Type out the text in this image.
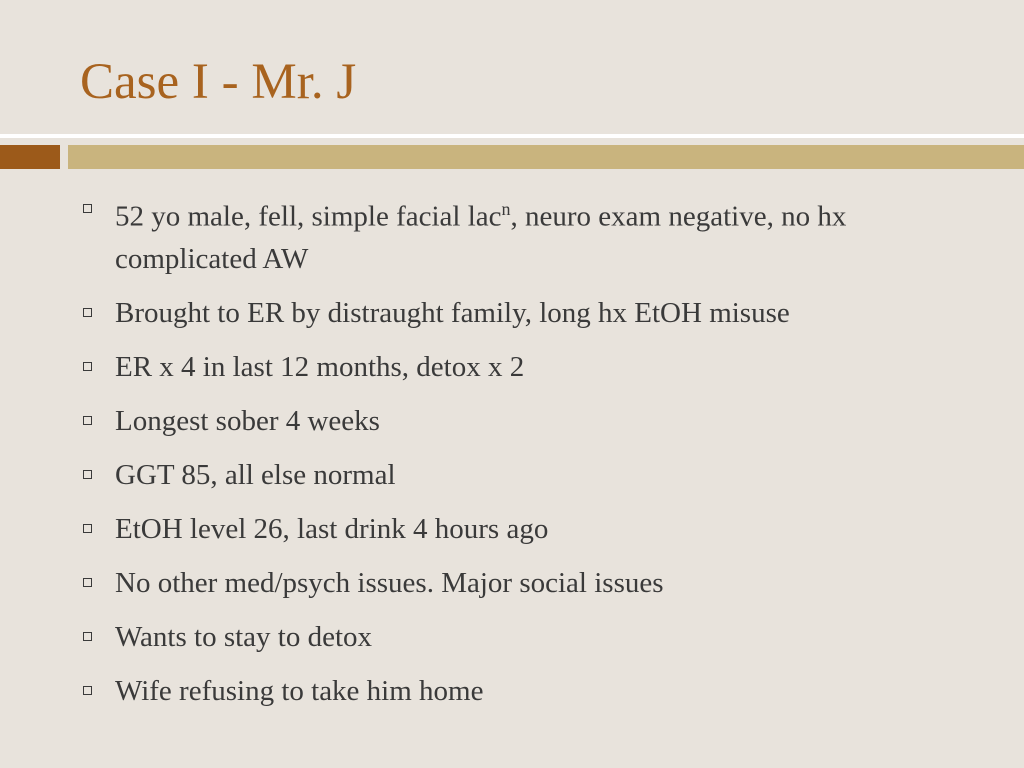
Case I - Mr. J
52 yo male, fell, simple facial lac$^n$, neuro exam negative, no hx complicated AW
Brought to ER by distraught family, long hx EtOH misuse
ER x 4 in last 12 months, detox x 2
Longest sober 4 weeks
GGT 85, all else normal
EtOH level 26, last drink 4 hours ago
No other med/psych issues. Major social issues
Wants to stay to detox
Wife refusing to take him home
